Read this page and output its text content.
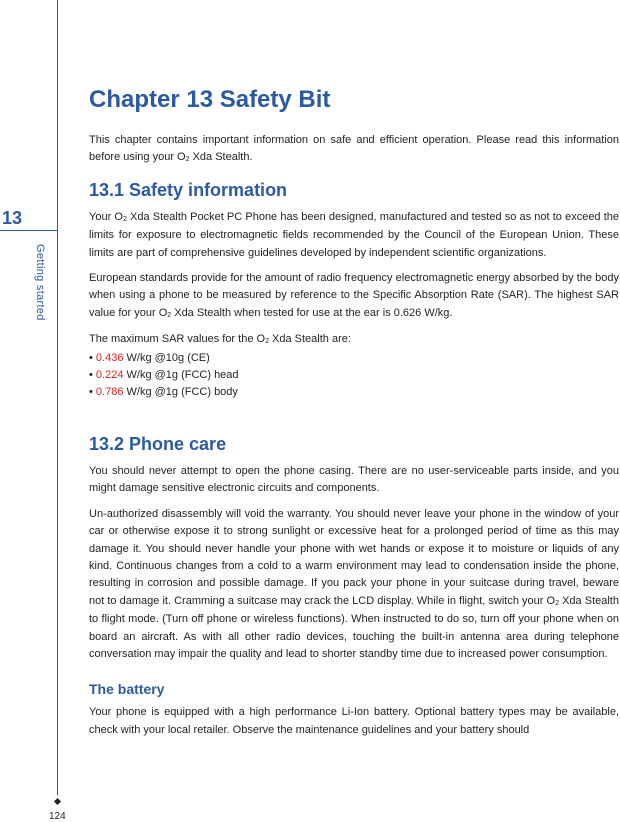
13
Getting started
124
Chapter 13 Safety Bit

This chapter contains important information on safe and efficient operation. Please read this information before using your $O_2$ Xda Stealth.

13.1 Safety information

Your $O_2$ Xda Stealth Pocket PC Phone has been designed, manufactured and tested so as not to exceed the limits for exposure to electromagnetic fields recommended by the Council of the European Union. These limits are part of comprehensive guidelines developed by independent scientific organizations.

European standards provide for the amount of radio frequency electromagnetic energy absorbed by the body when using a phone to be measured by reference to the Specific Absorption Rate (SAR). The highest SAR value for your $O_2$ Xda Stealth when tested for use at the ear is 0.626 W/kg.

The maximum SAR values for the $O_2$ Xda Stealth are:
• 0.436 W/kg @10g (CE)
• 0.224 W/kg @1g (FCC) head
• 0.786 W/kg @1g (FCC) body
13.2 Phone care

You should never attempt to open the phone casing. There are no user-serviceable parts inside, and you might damage sensitive electronic circuits and components.

Un-authorized disassembly will void the warranty. You should never leave your phone in the window of your car or otherwise expose it to strong sunlight or excessive heat for a prolonged period of time as this may damage it. You should never handle your phone with wet hands or expose it to moisture or liquids of any kind. Continuous changes from a cold to a warm environment may lead to condensation inside the phone, resulting in corrosion and possible damage. If you pack your phone in your suitcase during travel, beware not to damage it. Cramming a suitcase may crack the LCD display. While in flight, switch your $O_2$ Xda Stealth to flight mode. (Turn off phone or wireless functions). When instructed to do so, turn off your phone when on board an aircraft. As with all other radio devices, touching the built-in antenna area during telephone conversation may impair the quality and lead to shorter standby time due to increased power consumption.

The battery

Your phone is equipped with a high performance Li-Ion battery. Optional battery types may be available, check with your local retailer. Observe the maintenance guidelines and your battery should
